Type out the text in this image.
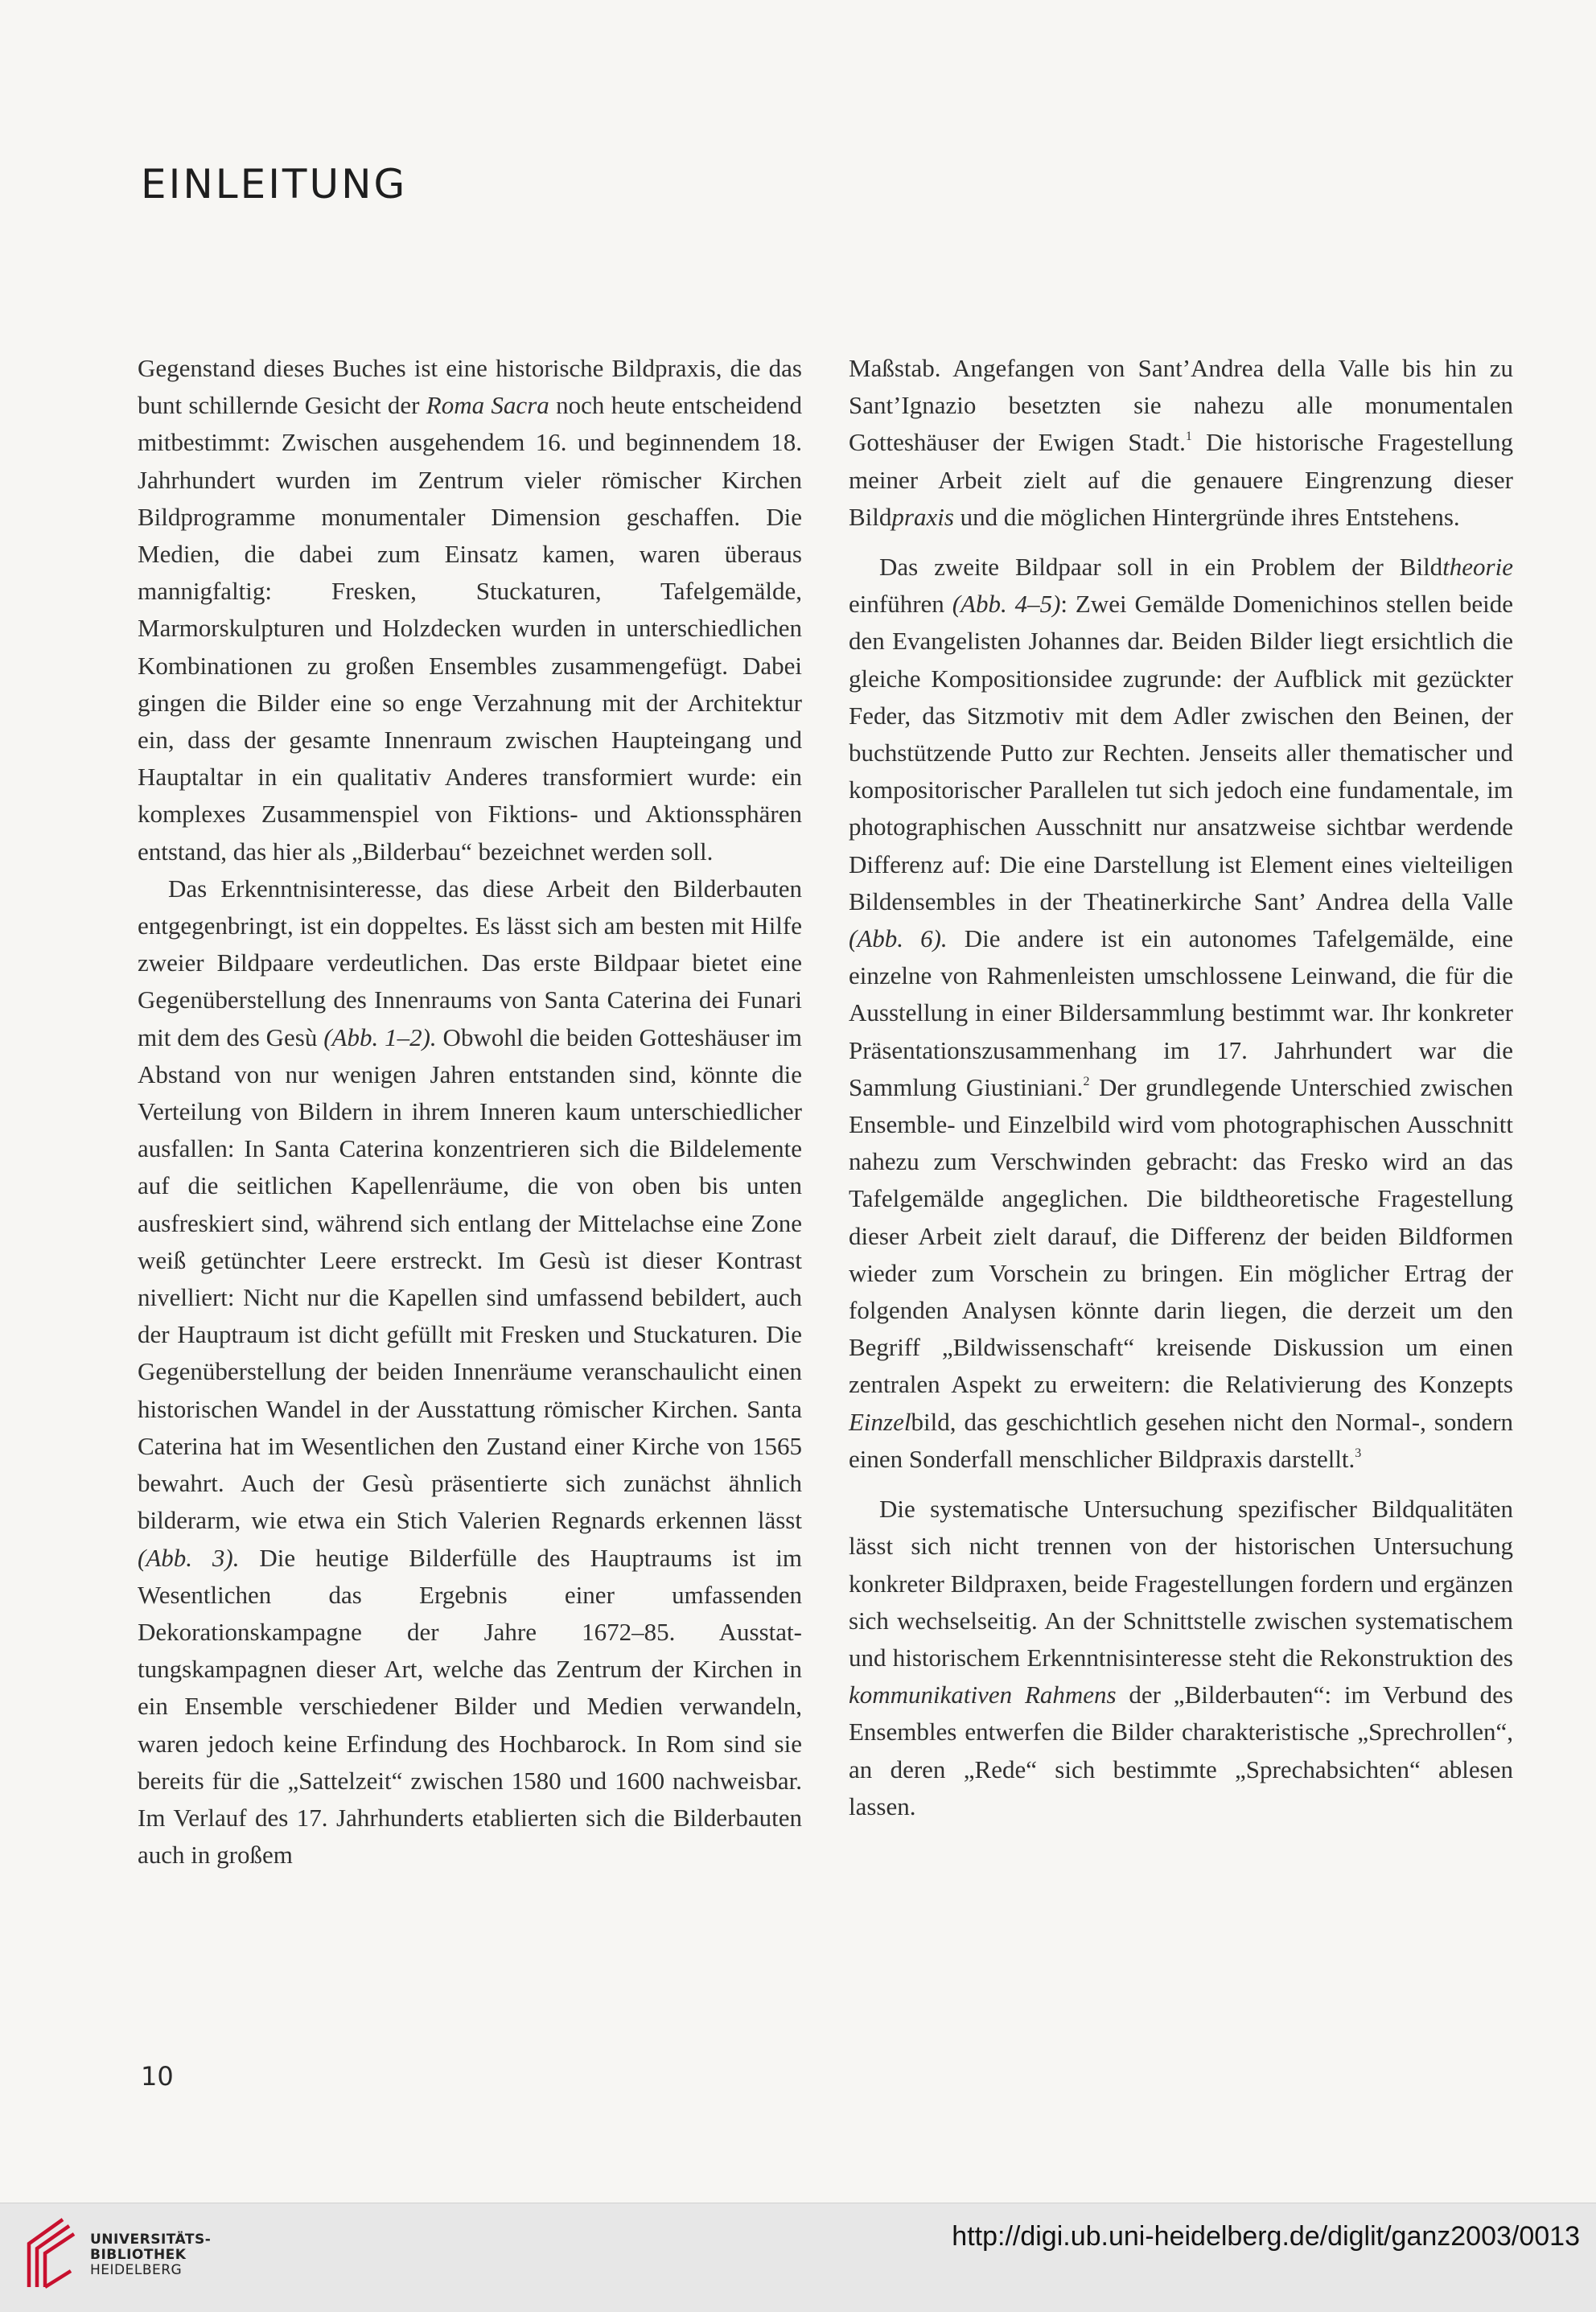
EINLEITUNG

Gegenstand dieses Buches ist eine historische Bildpraxis, die das bunt schillernde Gesicht der Roma Sacra noch heute entscheidend mitbestimmt: Zwischen ausgehendem 16. und beginnendem 18. Jahrhundert wurden im Zentrum vieler römischer Kirchen Bildprogramme monumentaler Dimension geschaffen. Die Medien, die dabei zum Einsatz kamen, waren überaus mannigfaltig: Fresken, Stuckaturen, Tafelgemälde, Marmorskulpturen und Holzdecken wurden in unterschiedlichen Kombinationen zu großen Ensembles zusammengefügt. Dabei gingen die Bilder eine so enge Verzahnung mit der Architektur ein, dass der gesamte Innenraum zwischen Haupteingang und Hauptaltar in ein qualitativ Anderes transformiert wurde: ein komplexes Zusammenspiel von Fiktions- und Aktionssphären entstand, das hier als „Bilderbau“ bezeichnet werden soll.

Das Erkenntnisinteresse, das diese Arbeit den Bilderbauten entgegenbringt, ist ein doppeltes. Es lässt sich am besten mit Hilfe zweier Bildpaare verdeutlichen. Das erste Bildpaar bietet eine Gegenüberstellung des Innenraums von Santa Caterina dei Funari mit dem des Gesù (Abb. 1–2). Obwohl die beiden Gotteshäuser im Abstand von nur wenigen Jahren entstanden sind, könnte die Verteilung von Bildern in ihrem Inneren kaum unterschiedlicher ausfallen: In Santa Caterina konzentrieren sich die Bildelemente auf die seitlichen Kapellenräume, die von oben bis unten ausfreskiert sind, während sich entlang der Mittelachse eine Zone weiß getünchter Leere erstreckt. Im Gesù ist dieser Kontrast nivelliert: Nicht nur die Kapellen sind umfassend bebildert, auch der Hauptraum ist dicht gefüllt mit Fresken und Stuckaturen. Die Gegenüberstellung der beiden Innenräume veranschaulicht einen historischen Wandel in der Ausstattung römischer Kirchen. Santa Caterina hat im Wesentlichen den Zustand einer Kirche von 1565 bewahrt. Auch der Gesù präsentierte sich zunächst ähnlich bilderarm, wie etwa ein Stich Valerien Regnards erkennen lässt (Abb. 3). Die heutige Bilderfülle des Hauptraums ist im Wesentlichen das Ergebnis einer umfassenden Dekorationskampagne der Jahre 1672–85. Ausstattungskampagnen dieser Art, welche das Zentrum der Kirchen in ein Ensemble verschiedener Bilder und Medien verwandeln, waren jedoch keine Erfindung des Hochbarock. In Rom sind sie bereits für die „Sattelzeit“ zwischen 1580 und 1600 nachweisbar. Im Verlauf des 17. Jahrhunderts etablierten sich die Bilderbauten auch in großem

Maßstab. Angefangen von Sant’Andrea della Valle bis hin zu Sant’Ignazio besetzten sie nahezu alle monumentalen Gotteshäuser der Ewigen Stadt.$^1$ Die historische Fragestellung meiner Arbeit zielt auf die genauere Eingrenzung dieser Bildpraxis und die möglichen Hintergründe ihres Entstehens.

Das zweite Bildpaar soll in ein Problem der Bildtheorie einführen (Abb. 4–5): Zwei Gemälde Domenichinos stellen beide den Evangelisten Johannes dar. Beiden Bilder liegt ersichtlich die gleiche Kompositionsidee zugrunde: der Aufblick mit gezückter Feder, das Sitzmotiv mit dem Adler zwischen den Beinen, der buchstützende Putto zur Rechten. Jenseits aller thematischer und kompositorischer Parallelen tut sich jedoch eine fundamentale, im photographischen Ausschnitt nur ansatzweise sichtbar werdende Differenz auf: Die eine Darstellung ist Element eines vielteiligen Bildensembles in der Theatinerkirche Sant’ Andrea della Valle (Abb. 6). Die andere ist ein autonomes Tafelgemälde, eine einzelne von Rahmenleisten umschlossene Leinwand, die für die Ausstellung in einer Bildersammlung bestimmt war. Ihr konkreter Präsentationszusammenhang im 17. Jahrhundert war die Sammlung Giustiniani.$^2$ Der grundlegende Unterschied zwischen Ensemble- und Einzelbild wird vom photographischen Ausschnitt nahezu zum Verschwinden gebracht: das Fresko wird an das Tafelgemälde angeglichen. Die bildtheoretische Fragestellung dieser Arbeit zielt darauf, die Differenz der beiden Bildformen wieder zum Vorschein zu bringen. Ein möglicher Ertrag der folgenden Analysen könnte darin liegen, die derzeit um den Begriff „Bildwissenschaft“ kreisende Diskussion um einen zentralen Aspekt zu erweitern: die Relativierung des Konzepts Einzelbild, das geschichtlich gesehen nicht den Normal-, sondern einen Sonderfall menschlicher Bildpraxis darstellt.$^3$

Die systematische Untersuchung spezifischer Bildqualitäten lässt sich nicht trennen von der historischen Untersuchung konkreter Bildpraxen, beide Fragestellungen fordern und ergänzen sich wechselseitig. An der Schnittstelle zwischen systematischem und historischem Erkenntnisinteresse steht die Rekonstruktion des kommunikativen Rahmens der „Bilderbauten“: im Verbund des Ensembles entwerfen die Bilder charakteristische „Sprechrollen“, an deren „Rede“ sich bestimmte „Sprechabsichten“ ablesen lassen.

10
UNIVERSITÄTS-
BIBLIOTHEK
HEIDELBERG
http://digi.ub.uni-heidelberg.de/diglit/ganz2003/0013
